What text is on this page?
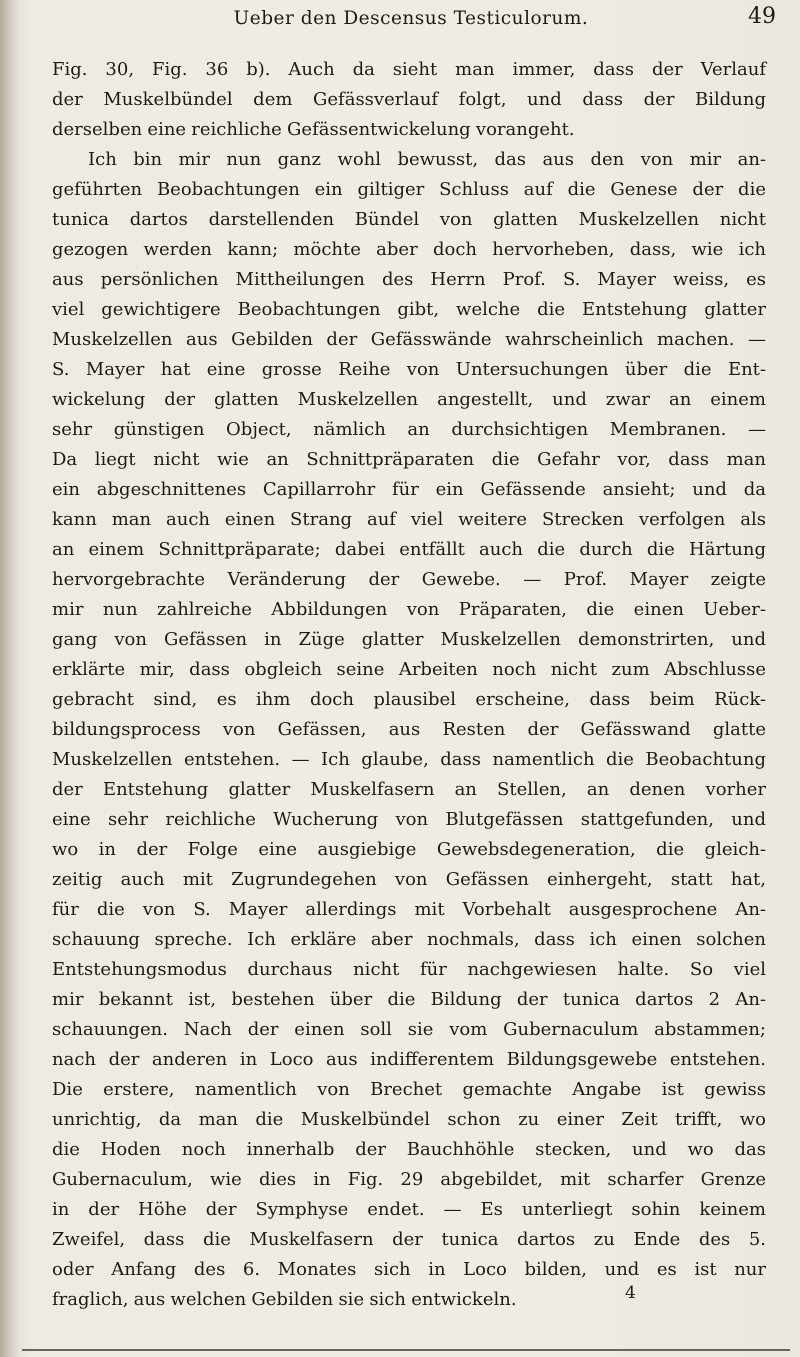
Ueber den Descensus Testiculorum.	49
Fig. 30, Fig. 36 b). Auch da sieht man immer, dass der Verlauf
der Muskelbündel dem Gefässverlauf folgt, und dass der Bildung
derselben eine reichliche Gefässentwickelung vorangeht.
Ich bin mir nun ganz wohl bewusst, das aus den von mir an-
geführten Beobachtungen ein giltiger Schluss auf die Genese der die
tunica dartos darstellenden Bündel von glatten Muskelzellen nicht
gezogen werden kann; möchte aber doch hervorheben, dass, wie ich
aus persönlichen Mittheilungen des Herrn Prof. S. Mayer weiss, es
viel gewichtigere Beobachtungen gibt, welche die Entstehung glatter
Muskelzellen aus Gebilden der Gefässwände wahrscheinlich machen. —
S. Mayer hat eine grosse Reihe von Untersuchungen über die Ent-
wickelung der glatten Muskelzellen angestellt, und zwar an einem
sehr günstigen Object, nämlich an durchsichtigen Membranen. —
Da liegt nicht wie an Schnittpräparaten die Gefahr vor, dass man
ein abgeschnittenes Capillarrohr für ein Gefässende ansieht; und da
kann man auch einen Strang auf viel weitere Strecken verfolgen als
an einem Schnittpräparate; dabei entfällt auch die durch die Härtung
hervorgebrachte Veränderung der Gewebe. — Prof. Mayer zeigte
mir nun zahlreiche Abbildungen von Präparaten, die einen Ueber-
gang von Gefässen in Züge glatter Muskelzellen demonstrirten, und
erklärte mir, dass obgleich seine Arbeiten noch nicht zum Abschlusse
gebracht sind, es ihm doch plausibel erscheine, dass beim Rück-
bildungsprocess von Gefässen, aus Resten der Gefässwand glatte
Muskelzellen entstehen. — Ich glaube, dass namentlich die Beobachtung
der Entstehung glatter Muskelfasern an Stellen, an denen vorher
eine sehr reichliche Wucherung von Blutgefässen stattgefunden, und
wo in der Folge eine ausgiebige Gewebsdegeneration, die gleich-
zeitig auch mit Zugrundegehen von Gefässen einhergeht, statt hat,
für die von S. Mayer allerdings mit Vorbehalt ausgesprochene An-
schauung spreche. Ich erkläre aber nochmals, dass ich einen solchen
Entstehungsmodus durchaus nicht für nachgewiesen halte. So viel
mir bekannt ist, bestehen über die Bildung der tunica dartos 2 An-
schauungen. Nach der einen soll sie vom Gubernaculum abstammen;
nach der anderen in Loco aus indifferentem Bildungsgewebe entstehen.
Die erstere, namentlich von Brechet gemachte Angabe ist gewiss
unrichtig, da man die Muskelbündel schon zu einer Zeit trifft, wo
die Hoden noch innerhalb der Bauchhöhle stecken, und wo das
Gubernaculum, wie dies in Fig. 29 abgebildet, mit scharfer Grenze
in der Höhe der Symphyse endet. — Es unterliegt sohin keinem
Zweifel, dass die Muskelfasern der tunica dartos zu Ende des 5.
oder Anfang des 6. Monates sich in Loco bilden, und es ist nur
fraglich, aus welchen Gebilden sie sich entwickeln.	4
